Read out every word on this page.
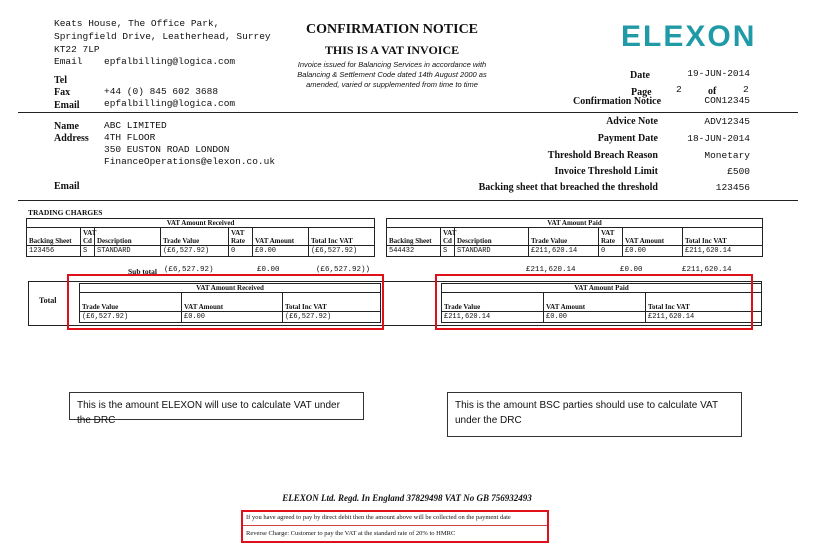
Keats House, The Office Park,
Springfield Drive, Leatherhead, Surrey
KT22 7LP
Email epfalbilling@logica.com
Tel
Fax	+44 (0) 845 602 3688
Email	epfalbilling@logica.com
CONFIRMATION NOTICE
THIS IS A VAT INVOICE
Invoice issued for Balancing Services in accordance with
Balancing & Settlement Code dated 14th August 2000 as
amended, varied or supplemented from time to time
ELEXON
Date	19-JUN-2014
Page	2	of	2
Confirmation Notice	CON12345
Name	ABC LIMITED
Address 4TH FLOOR
350 EUSTON ROAD LONDON
FinanceOperations@elexon.co.uk
Email
Advice Note	ADV12345
Payment Date	18-JUN-2014
Threshold Breach Reason	Monetary
Invoice Threshold Limit	£500
Backing sheet that breached the threshold	123456
TRADING CHARGES
VAT Amount Received						
Backing Sheet	VAT Cd	Description	Trade Value	VAT Rate	VAT Amount	Total Inc VAT
123456	S	STANDARD	(£6,527.92)	0	£0.00	(£6,527.92)
VAT Amount Paid						
Backing Sheet	VAT Cd	Description	Trade Value	VAT Rate	VAT Amount	Total Inc VAT
544432	S	STANDARD	£211,620.14	0	£0.00	£211,620.14
Sub total (£6,527.92)	£0.00	(£6,527.92))	£211,620.14	£0.00	£211,620.14
Total
VAT Amount Received		
Trade Value	VAT Amount	Total Inc VAT
(£6,527.92)	£0.00	(£6,527.92)
VAT Amount Paid		
Trade Value	VAT Amount	Total Inc VAT
£211,620.14	£0.00	£211,620.14
This is the amount ELEXON will use to calculate VAT under the DRC
This is the amount BSC parties should use to calculate VAT under the DRC
ELEXON Ltd. Regd. In England 37829498 VAT No GB 756932493
If you have agreed to pay by direct debit then the amount above will be collected on the payment date
Reverse Charge: Customer to pay the VAT at the standard rate of 20% to HMRC
